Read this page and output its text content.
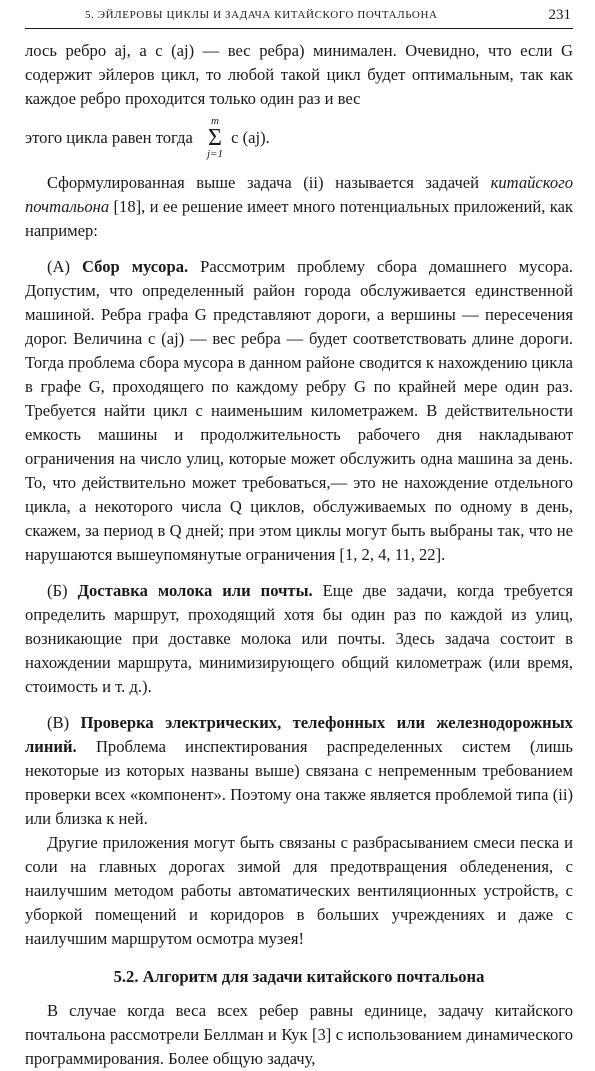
5. ЭЙЛЕРОВЫ ЦИКЛЫ И ЗАДАЧА КИТАЙСКОГО ПОЧТАЛЬОНА	231

лось ребро aj, а c (aj) — вес ребра) минимален. Очевидно, что если G содержит эйлеров цикл, то любой такой цикл будет оптимальным, так как каждое ребро проходится только один раз и вес

этого цикла равен тогда
m
Σ
j=1
c (aj).

Сформулированная выше задача (ii) называется задачей китайского почтальона [18], и ее решение имеет много потенциальных приложений, как например:

(А) Сбор мусора. Рассмотрим проблему сбора домашнего мусора. Допустим, что определенный район города обслуживается единственной машиной. Ребра графа G представляют дороги, а вершины — пересечения дорог. Величина c (aj) — вес ребра — будет соответствовать длине дороги. Тогда проблема сбора мусора в данном районе сводится к нахождению цикла в графе G, проходящего по каждому ребру G по крайней мере один раз. Требуется найти цикл с наименьшим километражем. В действительности емкость машины и продолжительность рабочего дня накладывают ограничения на число улиц, которые может обслужить одна машина за день. То, что действительно может требоваться,— это не нахождение отдельного цикла, а некоторого числа Q циклов, обслуживаемых по одному в день, скажем, за период в Q дней; при этом циклы могут быть выбраны так, что не нарушаются вышеупомянутые ограничения [1, 2, 4, 11, 22].

(Б) Доставка молока или почты. Еще две задачи, когда требуется определить маршрут, проходящий хотя бы один раз по каждой из улиц, возникающие при доставке молока или почты. Здесь задача состоит в нахождении маршрута, минимизирующего общий километраж (или время, стоимость и т. д.).

(В) Проверка электрических, телефонных или железнодорожных линий. Проблема инспектирования распределенных систем (лишь некоторые из которых названы выше) связана с непременным требованием проверки всех «компонент». Поэтому она также является проблемой типа (ii) или близка к ней.

Другие приложения могут быть связаны с разбрасыванием смеси песка и соли на главных дорогах зимой для предотвращения обледенения, с наилучшим методом работы автоматических вентиляционных устройств, с уборкой помещений и коридоров в больших учреждениях и даже с наилучшим маршрутом осмотра музея!

5.2. Алгоритм для задачи китайского почтальона

В случае когда веса всех ребер равны единице, задачу китайского почтальона рассмотрели Беллман и Кук [3] с использованием динамического программирования. Более общую задачу,
